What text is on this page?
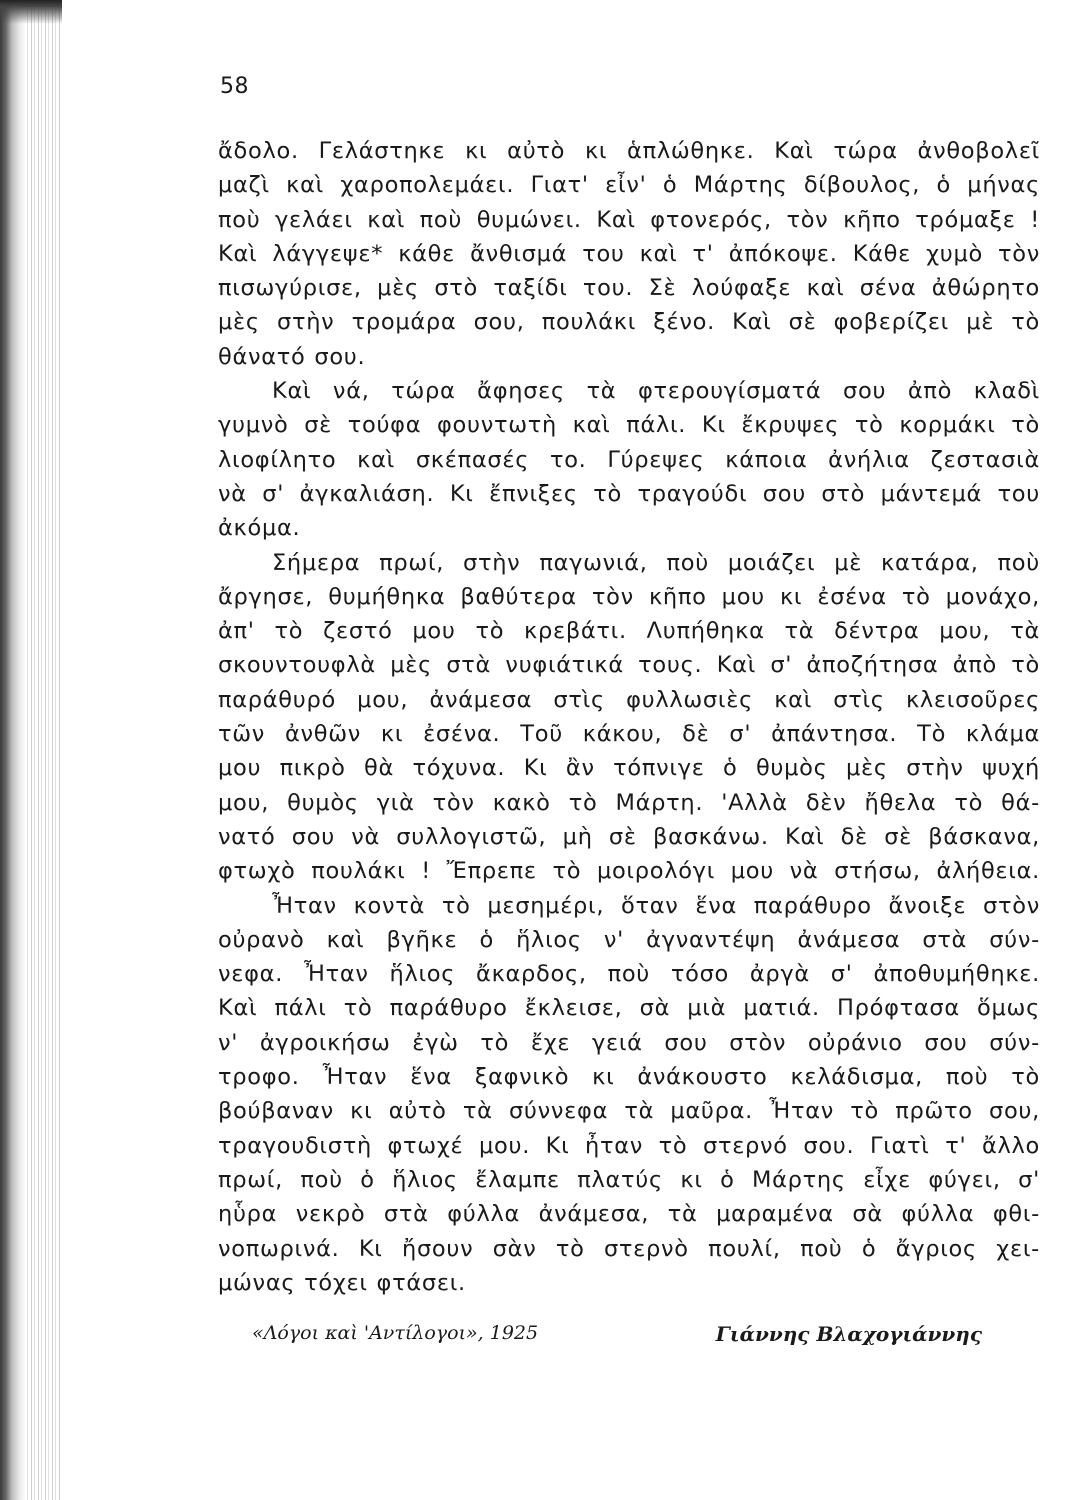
58
ἄδολο. Γελάστηκε κι αὐτὸ κι ἁπλώθηκε. Καὶ τώρα ἀνθοβολεῖ
μαζὶ καὶ χαροπολεμάει. Γιατ' εἶν' ὁ Μάρτης δίβουλος, ὁ μήνας
ποὺ γελάει καὶ ποὺ θυμώνει. Καὶ φτονερός, τὸν κῆπο τρόμαξε !
Καὶ λάγγεψε* κάθε ἄνθισμά του καὶ τ' ἀπόκοψε. Κάθε χυμὸ τὸν
πισωγύρισε, μὲς στὸ ταξίδι του. Σὲ λούφαξε καὶ σένα ἀθώρητο
μὲς στὴν τρομάρα σου, πουλάκι ξένο. Καὶ σὲ φοβερίζει μὲ τὸ
θάνατό σου.
Καὶ νά, τώρα ἄφησες τὰ φτερουγίσματά σου ἀπὸ κλαδὶ
γυμνὸ σὲ τούφα φουντωτὴ καὶ πάλι. Κι ἔκρυψες τὸ κορμάκι τὸ
λιοφίλητο καὶ σκέπασές το. Γύρεψες κάποια ἀνήλια ζεστασιὰ
νὰ σ' ἀγκαλιάση. Κι ἔπνιξες τὸ τραγούδι σου στὸ μάντεμά του
ἀκόμα.
Σήμερα πρωί, στὴν παγωνιά, ποὺ μοιάζει μὲ κατάρα, ποὺ
ἄργησε, θυμήθηκα βαθύτερα τὸν κῆπο μου κι ἐσένα τὸ μονάχο,
ἀπ' τὸ ζεστό μου τὸ κρεβάτι. Λυπήθηκα τὰ δέντρα μου, τὰ
σκουντουφλὰ μὲς στὰ νυφιάτικά τους. Καὶ σ' ἀποζήτησα ἀπὸ τὸ
παράθυρό μου, ἀνάμεσα στὶς φυλλωσιὲς καὶ στὶς κλεισοῦρες
τῶν ἀνθῶν κι ἐσένα. Τοῦ κάκου, δὲ σ' ἀπάντησα. Τὸ κλάμα
μου πικρὸ θὰ τόχυνα. Κι ἂν τόπνιγε ὁ θυμὸς μὲς στὴν ψυχή
μου, θυμὸς γιὰ τὸν κακὸ τὸ Μάρτη. 'Αλλὰ δὲν ἤθελα τὸ θά-
νατό σου νὰ συλλογιστῶ, μὴ σὲ βασκάνω. Καὶ δὲ σὲ βάσκανα,
φτωχὸ πουλάκι ! Ἔπρεπε τὸ μοιρολόγι μου νὰ στήσω, ἀλήθεια.
Ἦταν κοντὰ τὸ μεσημέρι, ὅταν ἕνα παράθυρο ἄνοιξε στὸν
οὐρανὸ καὶ βγῆκε ὁ ἥλιος ν' ἀγναντέψη ἀνάμεσα στὰ σύν-
νεφα. Ἦταν ἥλιος ἄκαρδος, ποὺ τόσο ἀργὰ σ' ἀποθυμήθηκε.
Καὶ πάλι τὸ παράθυρο ἔκλεισε, σὰ μιὰ ματιά. Πρόφτασα ὅμως
ν' ἀγροικήσω ἐγὼ τὸ ἔχε γειά σου στὸν οὐράνιο σου σύν-
τροφο. Ἦταν ἕνα ξαφνικὸ κι ἀνάκουστο κελάδισμα, ποὺ τὸ
βούβαναν κι αὐτὸ τὰ σύννεφα τὰ μαῦρα. Ἦταν τὸ πρῶτο σου,
τραγουδιστὴ φτωχέ μου. Κι ἦταν τὸ στερνό σου. Γιατὶ τ' ἄλλο
πρωί, ποὺ ὁ ἥλιος ἔλαμπε πλατύς κι ὁ Μάρτης εἶχε φύγει, σ'
ηὗρα νεκρὸ στὰ φύλλα ἀνάμεσα, τὰ μαραμένα σὰ φύλλα φθι-
νοπωρινά. Κι ἤσουν σὰν τὸ στερνὸ πουλί, ποὺ ὁ ἄγριος χει-
μώνας τόχει φτάσει.
«Λόγοι καὶ 'Αντίλογοι», 1925	Γιάννης Βλαχογιάννης
